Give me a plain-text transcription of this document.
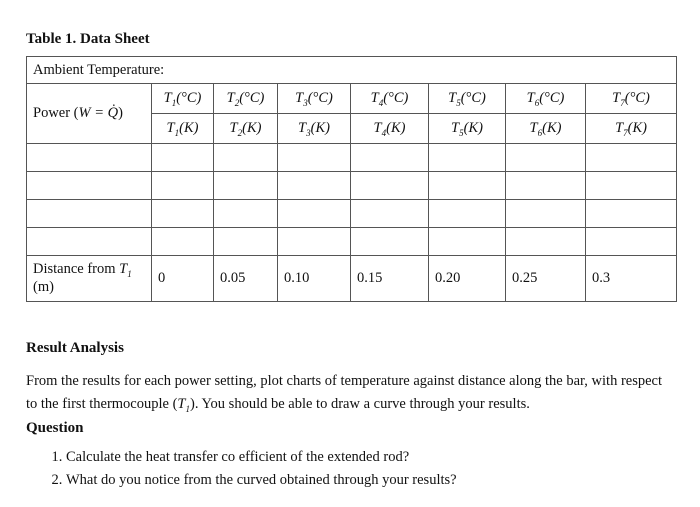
Table 1. Data Sheet
Ambient Temperature:							
Power (W = Q̇)	$T_1(^\circ C)$	$T_2(^\circ C)$	$T_3(^\circ C)$	$T_4(^\circ C)$	$T_5(^\circ C)$	$T_6(^\circ C)$	$T_7(^\circ C)$
	$T_1(K)$	$T_2(K)$	$T_3(K)$	$T_4(K)$	$T_5(K)$	$T_6(K)$	$T_7(K)$

Distance from $T_1$
(m)	0	0.05	0.10	0.15	0.20	0.25	0.3
Result Analysis
From the results for each power setting, plot charts of temperature against distance along the bar, with respect to the first thermocouple $(T_1)$. You should be able to draw a curve through your results.
Question
1. Calculate the heat transfer co efficient of the extended rod?
2. What do you notice from the curved obtained through your results?
